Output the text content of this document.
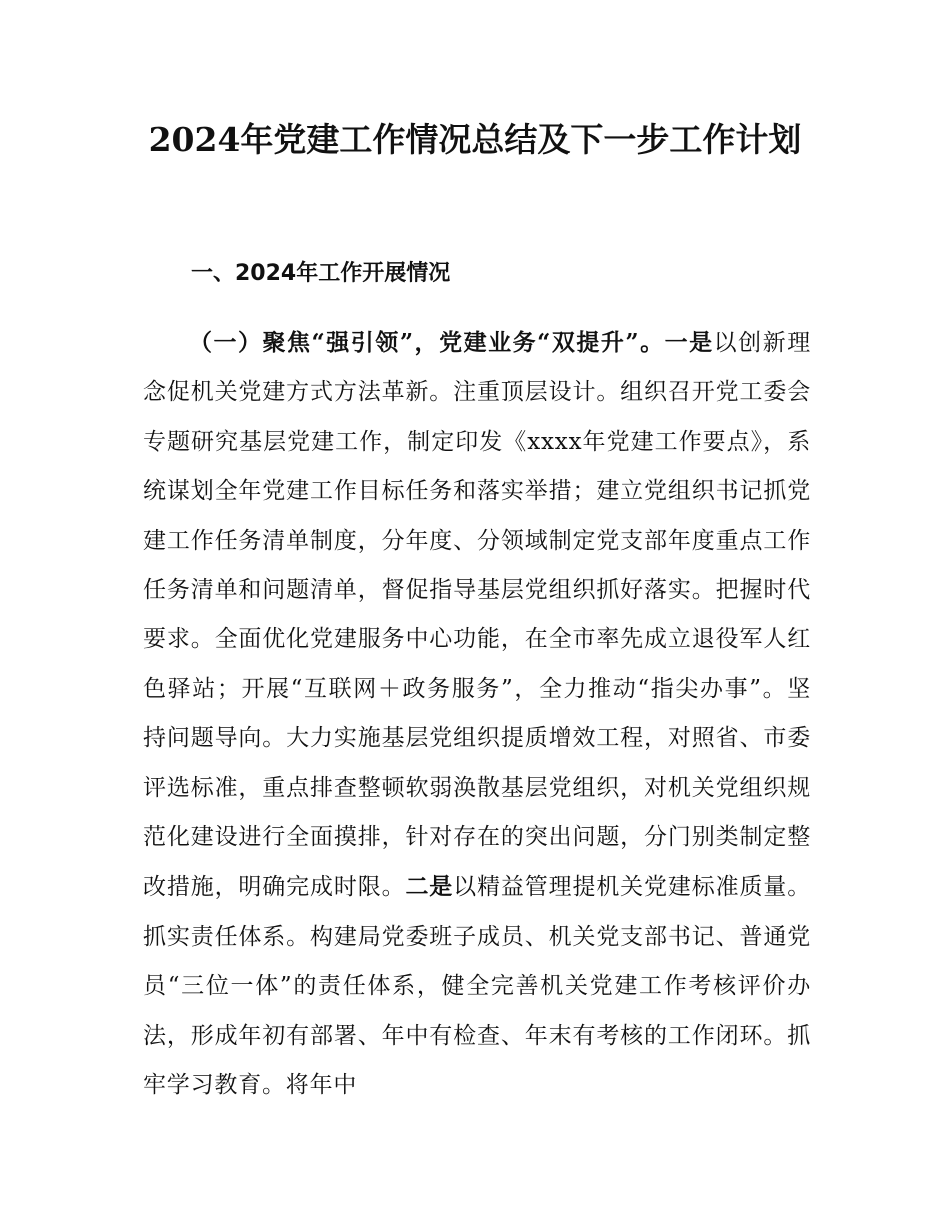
2024年党建工作情况总结及下一步工作计划
一、2024年工作开展情况

（一）聚焦“强引领”，党建业务“双提升”。一是以创新理念促机关党建方式方法革新。注重顶层设计。组织召开党工委会专题研究基层党建工作，制定印发《xxxx年党建工作要点》，系统谋划全年党建工作目标任务和落实举措；建立党组织书记抓党建工作任务清单制度，分年度、分领域制定党支部年度重点工作任务清单和问题清单，督促指导基层党组织抓好落实。把握时代要求。全面优化党建服务中心功能，在全市率先成立退役军人红色驿站；开展“互联网＋政务服务”，全力推动“指尖办事”。坚持问题导向。大力实施基层党组织提质增效工程，对照省、市委评选标准，重点排查整顿软弱涣散基层党组织，对机关党组织规范化建设进行全面摸排，针对存在的突出问题，分门别类制定整改措施，明确完成时限。二是以精益管理提机关党建标准质量。抓实责任体系。构建局党委班子成员、机关党支部书记、普通党员“三位一体”的责任体系，健全完善机关党建工作考核评价办法，形成年初有部署、年中有检查、年末有考核的工作闭环。抓牢学习教育。将年中
